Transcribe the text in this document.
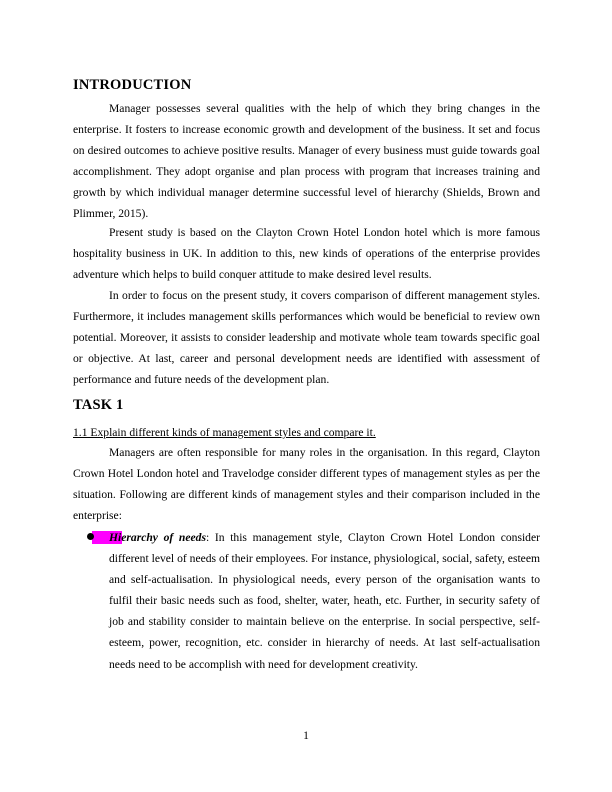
INTRODUCTION

Manager possesses several qualities with the help of which they bring changes in the enterprise. It fosters to increase economic growth and development of the business. It set and focus on desired outcomes to achieve positive results. Manager of every business must guide towards goal accomplishment. They adopt organise and plan process with program that increases training and growth by which individual manager determine successful level of hierarchy (Shields, Brown and Plimmer, 2015).

Present study is based on the Clayton Crown Hotel London hotel which is more famous hospitality business in UK. In addition to this, new kinds of operations of the enterprise provides adventure which helps to build conquer attitude to make desired level results.

In order to focus on the present study, it covers comparison of different management styles. Furthermore, it includes management skills performances which would be beneficial to review own potential. Moreover, it assists to consider leadership and motivate whole team towards specific goal or objective. At last, career and personal development needs are identified with assessment of performance and future needs of the development plan.

TASK 1

1.1 Explain different kinds of management styles and compare it.

Managers are often responsible for many roles in the organisation. In this regard, Clayton Crown Hotel London hotel and Travelodge consider different types of management styles as per the situation. Following are different kinds of management styles and their comparison included in the enterprise:

Hierarchy of needs: In this management style, Clayton Crown Hotel London consider different level of needs of their employees. For instance, physiological, social, safety, esteem and self-actualisation. In physiological needs, every person of the organisation wants to fulfil their basic needs such as food, shelter, water, heath, etc. Further, in security safety of job and stability consider to maintain believe on the enterprise. In social perspective, self-esteem, power, recognition, etc. consider in hierarchy of needs. At last self-actualisation needs need to be accomplish with need for development creativity.

1
